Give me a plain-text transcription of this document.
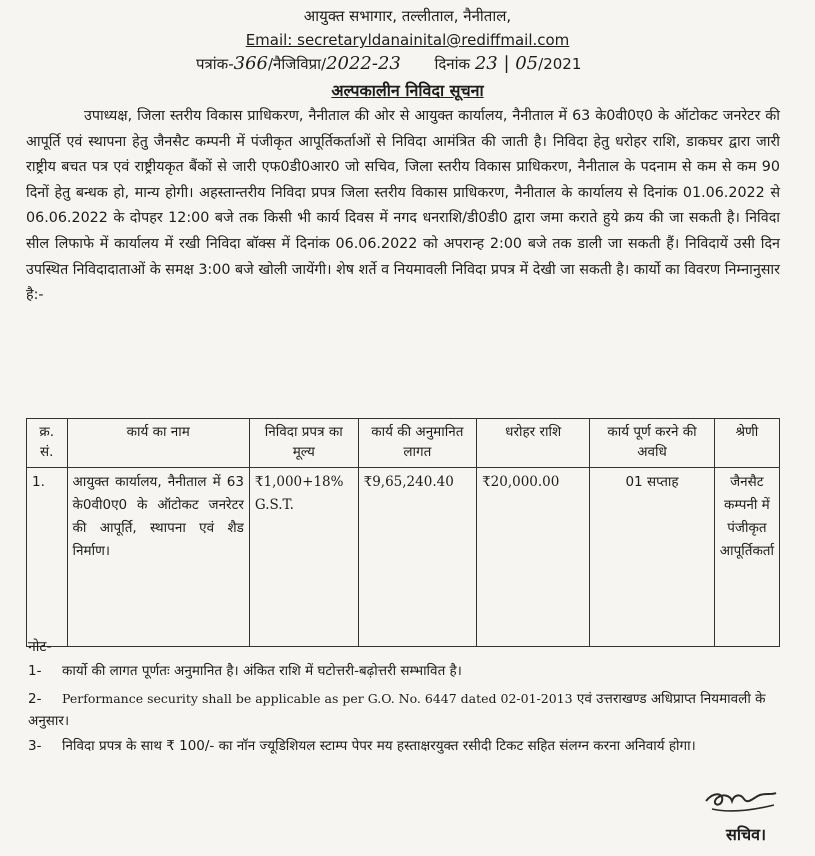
आयुक्त सभागार, तल्लीताल, नैनीताल,
Email: secretaryldanainital@rediffmail.com
पत्रांक-366/नैजिविप्रा/2022-23 दिनांक 23 | 05/2021
अल्पकालीन निविदा सूचना
उपाध्यक्ष, जिला स्तरीय विकास प्राधिकरण, नैनीताल की ओर से आयुक्त कार्यालय, नैनीताल में 63 के0वी0ए0 के ऑटोकट जनरेटर की आपूर्ति एवं स्थापना हेतु जैनसैट कम्पनी में पंजीकृत आपूर्तिकर्ताओं से निविदा आमंत्रित की जाती है। निविदा हेतु धरोहर राशि, डाकघर द्वारा जारी राष्ट्रीय बचत पत्र एवं राष्ट्रीयकृत बैंकों से जारी एफ0डी0आर0 जो सचिव, जिला स्तरीय विकास प्राधिकरण, नैनीताल के पदनाम से कम से कम 90 दिनों हेतु बन्धक हो, मान्य होगी। अहस्तान्तरीय निविदा प्रपत्र जिला स्तरीय विकास प्राधिकरण, नैनीताल के कार्यालय से दिनांक 01.06.2022 से 06.06.2022 के दोपहर 12:00 बजे तक किसी भी कार्य दिवस में नगद धनराशि/डी0डी0 द्वारा जमा कराते हुये क्रय की जा सकती है। निविदा सील लिफाफे में कार्यालय में रखी निविदा बॉक्स में दिनांक 06.06.2022 को अपरान्ह 2:00 बजे तक डाली जा सकती हैं। निविदायें उसी दिन उपस्थित निविदादाताओं के समक्ष 3:00 बजे खोली जायेंगी। शेष शर्ते व नियमावली निविदा प्रपत्र में देखी जा सकती है। कार्यो का विवरण निम्नानुसार है:-
क्र. सं.	कार्य का नाम	निविदा प्रपत्र का मूल्य	कार्य की अनुमानित लागत	धरोहर राशि	कार्य पूर्ण करने की अवधि	श्रेणी
1.	आयुक्त कार्यालय, नैनीताल में 63 के0वी0ए0 के ऑटोकट जनरेटर की आपूर्ति, स्थापना एवं शैड निर्माण।	₹1,000+18% G.S.T.	₹9,65,240.40	₹20,000.00	01 सप्ताह	जैनसैट कम्पनी में पंजीकृत आपूर्तिकर्ता
नोट-
1- कार्यो की लागत पूर्णतः अनुमानित है। अंकित राशि में घटोत्तरी-बढ़ोत्तरी सम्भावित है।
2- Performance security shall be applicable as per G.O. No. 6447 dated 02-01-2013 एवं उत्तराखण्ड अधिप्राप्त नियमावली के अनुसार।
3- निविदा प्रपत्र के साथ ₹ 100/- का नॉन ज्यूडिशियल स्टाम्प पेपर मय हस्ताक्षरयुक्त रसीदी टिकट सहित संलग्न करना अनिवार्य होगा।
सचिव।
